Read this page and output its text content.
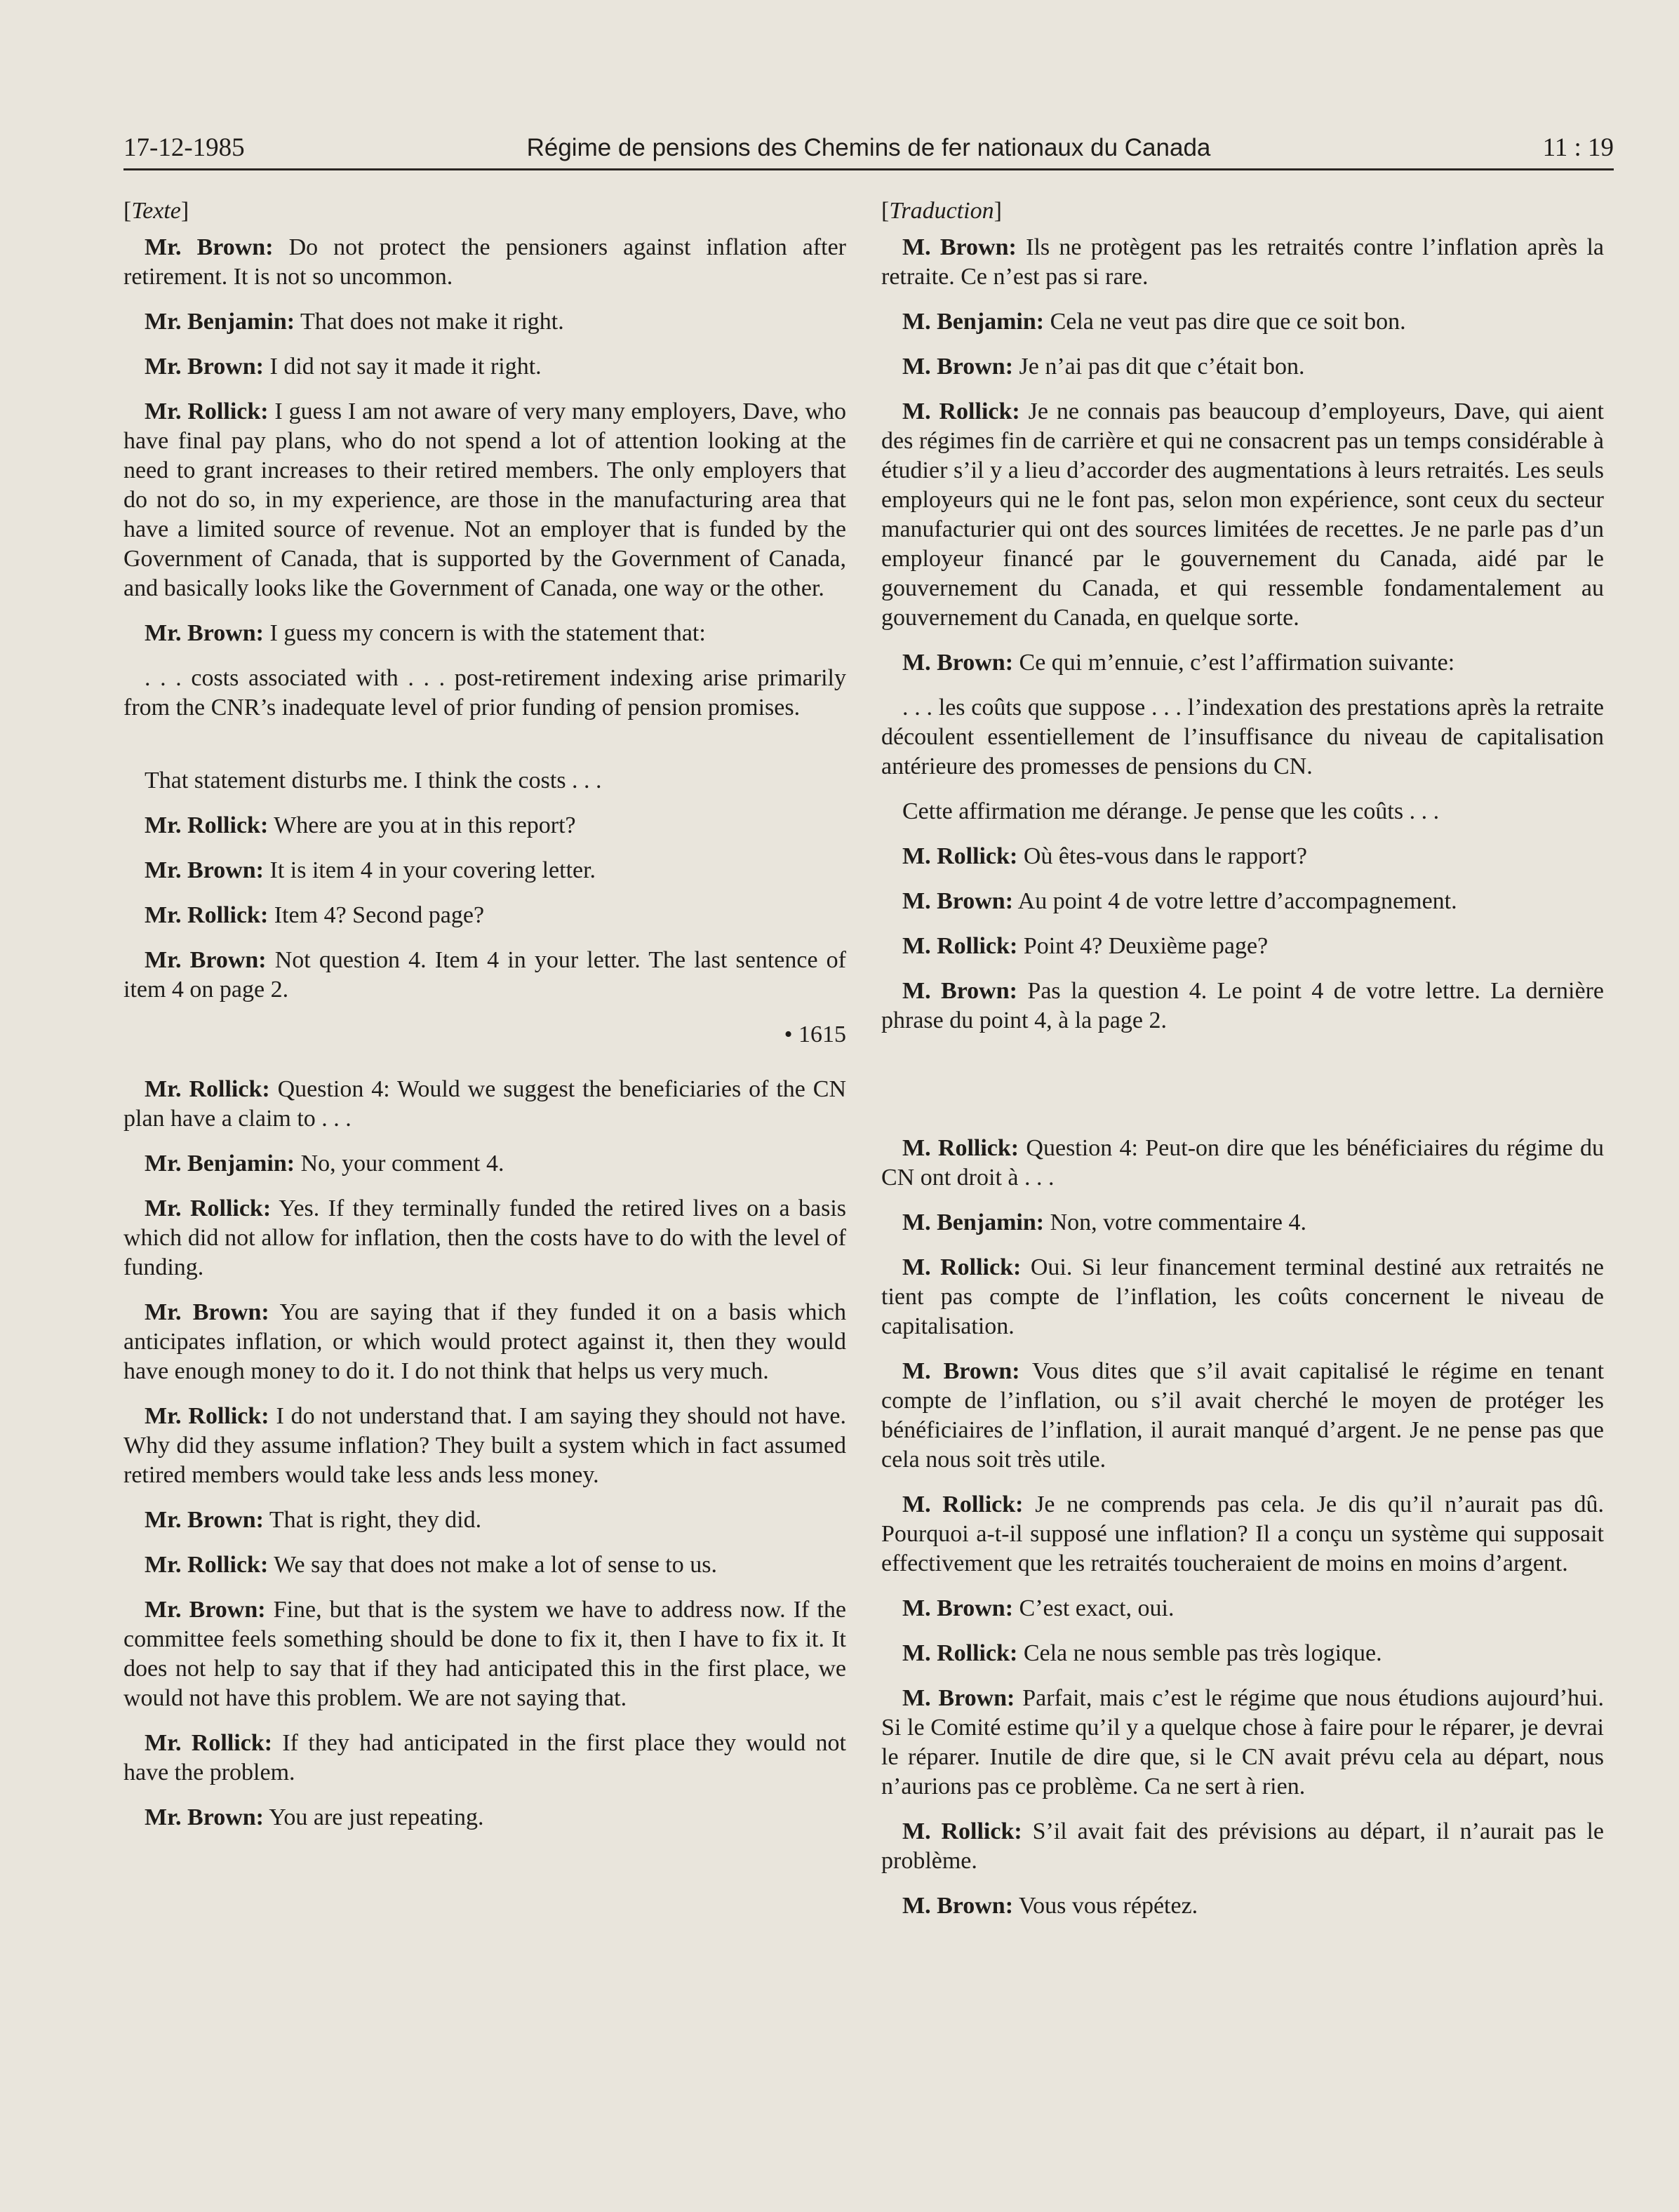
17-12-1985	Régime de pensions des Chemins de fer nationaux du Canada	11 : 19

[Texte]

Mr. Brown: Do not protect the pensioners against inflation after retirement. It is not so uncommon.

Mr. Benjamin: That does not make it right.

Mr. Brown: I did not say it made it right.

Mr. Rollick: I guess I am not aware of very many employers, Dave, who have final pay plans, who do not spend a lot of attention looking at the need to grant increases to their retired members. The only employers that do not do so, in my experience, are those in the manufacturing area that have a limited source of revenue. Not an employer that is funded by the Government of Canada, that is supported by the Government of Canada, and basically looks like the Government of Canada, one way or the other.

Mr. Brown: I guess my concern is with the statement that:

. . . costs associated with . . . post-retirement indexing arise primarily from the CNR’s inadequate level of prior funding of pension promises.

That statement disturbs me. I think the costs . . .

Mr. Rollick: Where are you at in this report?

Mr. Brown: It is item 4 in your covering letter.

Mr. Rollick: Item 4? Second page?

Mr. Brown: Not question 4. Item 4 in your letter. The last sentence of item 4 on page 2.

• 1615

Mr. Rollick: Question 4: Would we suggest the beneficiaries of the CN plan have a claim to . . .

Mr. Benjamin: No, your comment 4.

Mr. Rollick: Yes. If they terminally funded the retired lives on a basis which did not allow for inflation, then the costs have to do with the level of funding.

Mr. Brown: You are saying that if they funded it on a basis which anticipates inflation, or which would protect against it, then they would have enough money to do it. I do not think that helps us very much.

Mr. Rollick: I do not understand that. I am saying they should not have. Why did they assume inflation? They built a system which in fact assumed retired members would take less ands less money.

Mr. Brown: That is right, they did.

Mr. Rollick: We say that does not make a lot of sense to us.

Mr. Brown: Fine, but that is the system we have to address now. If the committee feels something should be done to fix it, then I have to fix it. It does not help to say that if they had anticipated this in the first place, we would not have this problem. We are not saying that.

Mr. Rollick: If they had anticipated in the first place they would not have the problem.

Mr. Brown: You are just repeating.

[Traduction]

M. Brown: Ils ne protègent pas les retraités contre l’inflation après la retraite. Ce n’est pas si rare.

M. Benjamin: Cela ne veut pas dire que ce soit bon.

M. Brown: Je n’ai pas dit que c’était bon.

M. Rollick: Je ne connais pas beaucoup d’employeurs, Dave, qui aient des régimes fin de carrière et qui ne consacrent pas un temps considérable à étudier s’il y a lieu d’accorder des augmentations à leurs retraités. Les seuls employeurs qui ne le font pas, selon mon expérience, sont ceux du secteur manufacturier qui ont des sources limitées de recettes. Je ne parle pas d’un employeur financé par le gouvernement du Canada, aidé par le gouvernement du Canada, et qui ressemble fondamentalement au gouvernement du Canada, en quelque sorte.

M. Brown: Ce qui m’ennuie, c’est l’affirmation suivante:

. . . les coûts que suppose . . . l’indexation des prestations après la retraite découlent essentiellement de l’insuffisance du niveau de capitalisation antérieure des promesses de pensions du CN.

Cette affirmation me dérange. Je pense que les coûts . . .

M. Rollick: Où êtes-vous dans le rapport?

M. Brown: Au point 4 de votre lettre d’accompagnement.

M. Rollick: Point 4? Deuxième page?

M. Brown: Pas la question 4. Le point 4 de votre lettre. La dernière phrase du point 4, à la page 2.

M. Rollick: Question 4: Peut-on dire que les bénéficiaires du régime du CN ont droit à . . .

M. Benjamin: Non, votre commentaire 4.

M. Rollick: Oui. Si leur financement terminal destiné aux retraités ne tient pas compte de l’inflation, les coûts concernent le niveau de capitalisation.

M. Brown: Vous dites que s’il avait capitalisé le régime en tenant compte de l’inflation, ou s’il avait cherché le moyen de protéger les bénéficiaires de l’inflation, il aurait manqué d’argent. Je ne pense pas que cela nous soit très utile.

M. Rollick: Je ne comprends pas cela. Je dis qu’il n’aurait pas dû. Pourquoi a-t-il supposé une inflation? Il a conçu un système qui supposait effectivement que les retraités toucheraient de moins en moins d’argent.

M. Brown: C’est exact, oui.

M. Rollick: Cela ne nous semble pas très logique.

M. Brown: Parfait, mais c’est le régime que nous étudions aujourd’hui. Si le Comité estime qu’il y a quelque chose à faire pour le réparer, je devrai le réparer. Inutile de dire que, si le CN avait prévu cela au départ, nous n’aurions pas ce problème. Ca ne sert à rien.

M. Rollick: S’il avait fait des prévisions au départ, il n’aurait pas le problème.

M. Brown: Vous vous répétez.
